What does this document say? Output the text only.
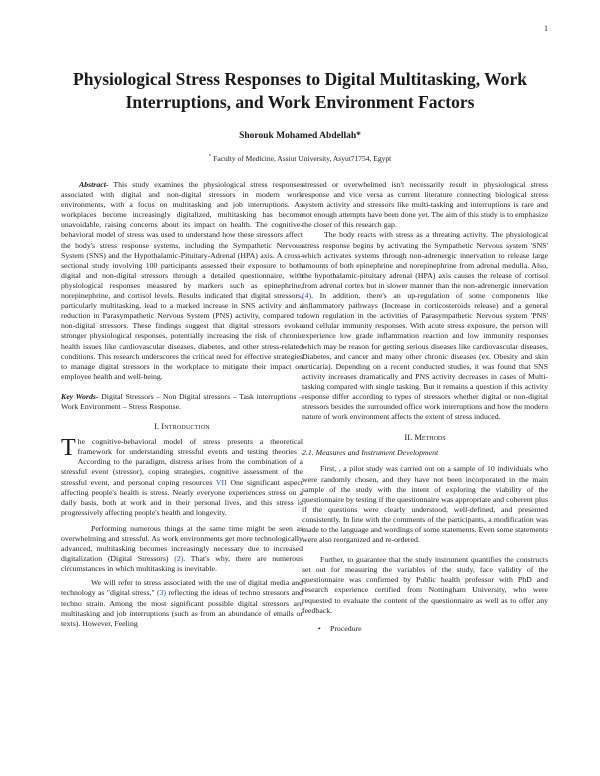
1
Physiological Stress Responses to Digital Multitasking, Work Interruptions, and Work Environment Factors
Shorouk Mohamed Abdellah*
* Faculty of Medicine, Assiut University, Asyut71754, Egypt

Abstract- This study examines the physiological stress responses associated with digital and non-digital stressors in modern work environments, with a focus on multitasking and job interruptions. As workplaces become increasingly digitalized, multitasking has become unavoidable, raising concerns about its impact on health. The cognitive-behavioral model of stress was used to understand how these stressors affect the body's stress response systems, including the Sympathetic Nervous System (SNS) and the Hypothalamic-Pituitary-Adrenal (HPA) axis. A cross-sectional study involving 100 participants assessed their exposure to both digital and non-digital stressors through a detailed questionnaire, with physiological responses measured by markers such as epinephrine, norepinephrine, and cortisol levels. Results indicated that digital stressors, particularly multitasking, lead to a marked increase in SNS activity and a reduction in Parasympathetic Nervous System (PNS) activity, compared to non-digital stressors. These findings suggest that digital stressors evoke stronger physiological responses, potentially increasing the risk of chronic health issues like cardiovascular diseases, diabetes, and other stress-related conditions. This research underscores the critical need for effective strategies to manage digital stressors in the workplace to mitigate their impact on employee health and well-being.

Key Words- Digital Stressors – Non Digital stressors – Task interruptions – Work Environment – Stress Response.

I. Introduction

The cognitive-behavioral model of stress presents a theoretical framework for understanding stressful events and testing theories . According to the paradigm, distress arises from the combination of a stressful event (stressor), coping strategies, cognitive assessment of the stressful event, and personal coping resources VII One significant aspect affecting people's health is stress. Nearly everyone experiences stress on a daily basis, both at work and in their personal lives, and this stress is progressively affecting people's health and longevity.

Performing numerous things at the same time might be seen as overwhelming and stressful. As work environments get more technologically advanced, multitasking becomes increasingly necessary due to increased digitalization (Digital Stressors) (2). That's why, there are numerous circumstances in which multitasking is inevitable.

We will refer to stress associated with the use of digital media and technology as "digital stress," (3) reflecting the ideas of techno stressors and techno strain. Among the most significant possible digital stressors are multitasking and job interruptions (such as from an abundance of emails or texts). However, Feeling

stressed or overwhelmed isn't necessarily result in physiological stress response and vice versa as current literature connecting biological stress system activity and stressors like multi-tasking and interruptions is rare and not enough attempts have been done yet. The aim of this study is to emphasize the closer of this research gap.

The body reacts with stress as a threating activity. The physiological stress response begins by activating the Sympathetic Nervous system 'SNS' which activates systems through non-adrenergic innervation to release large amounts of both epinephrine and norepinephrine from adrenal medulla. Also, the hypothalamic-pituitary adrenal (HPA) axis causes the release of cortisol from adrenal cortex but in slower manner than the non-adrenergic innervation (4). In addition, there's an up-regulation of some components like inflammatory pathways (Increase in corticosteroids release) and a general down regulation in the activities of Parasympathetic Nervous system 'PNS' and cellular immunity responses. With acute stress exposure, the person will experience low grade inflammation reaction and low immunity responses which may be reason for getting serious diseases like cardiovascular diseases, Diabetes, and cancer and many other chronic diseases (ex. Obesity and skin urticaria). Depending on a recent conducted studies, it was found that SNS activity increases dramatically and PNS activity decreases in cases of Multi-tasking compared with single tasking. But it remains a question if this activity response differ according to types of stressors whether digital or non-digital stressors besides the surrounded office work interruptions and how the modern nature of work environment affects the extent of stress induced.

II. Methods
2.1. Measures and Instrument Development

First, , a pilot study was carried out on a sample of 10 individuals who were randomly chosen, and they have not been incorporated in the main sample of the study with the intent of exploring the viability of the questionnaire by testing if the questionnaire was appropriate and coherent plus if the questions were clearly understood, well-defined, and presented consistently. In line with the comments of the participants, a modification was made to the language and wordings of some statements. Even some statements were also reorganized and re-ordered.

Further, to guarantee that the study instrument quantifies the constructs set out for measuring the variables of the study, face validity of the questionnaire was confirmed by Public health professor with PhD and research experience certified from Nottingham University, who were requested to evaluate the content of the questionnaire as well as to offer any feedback.

• Procedure
